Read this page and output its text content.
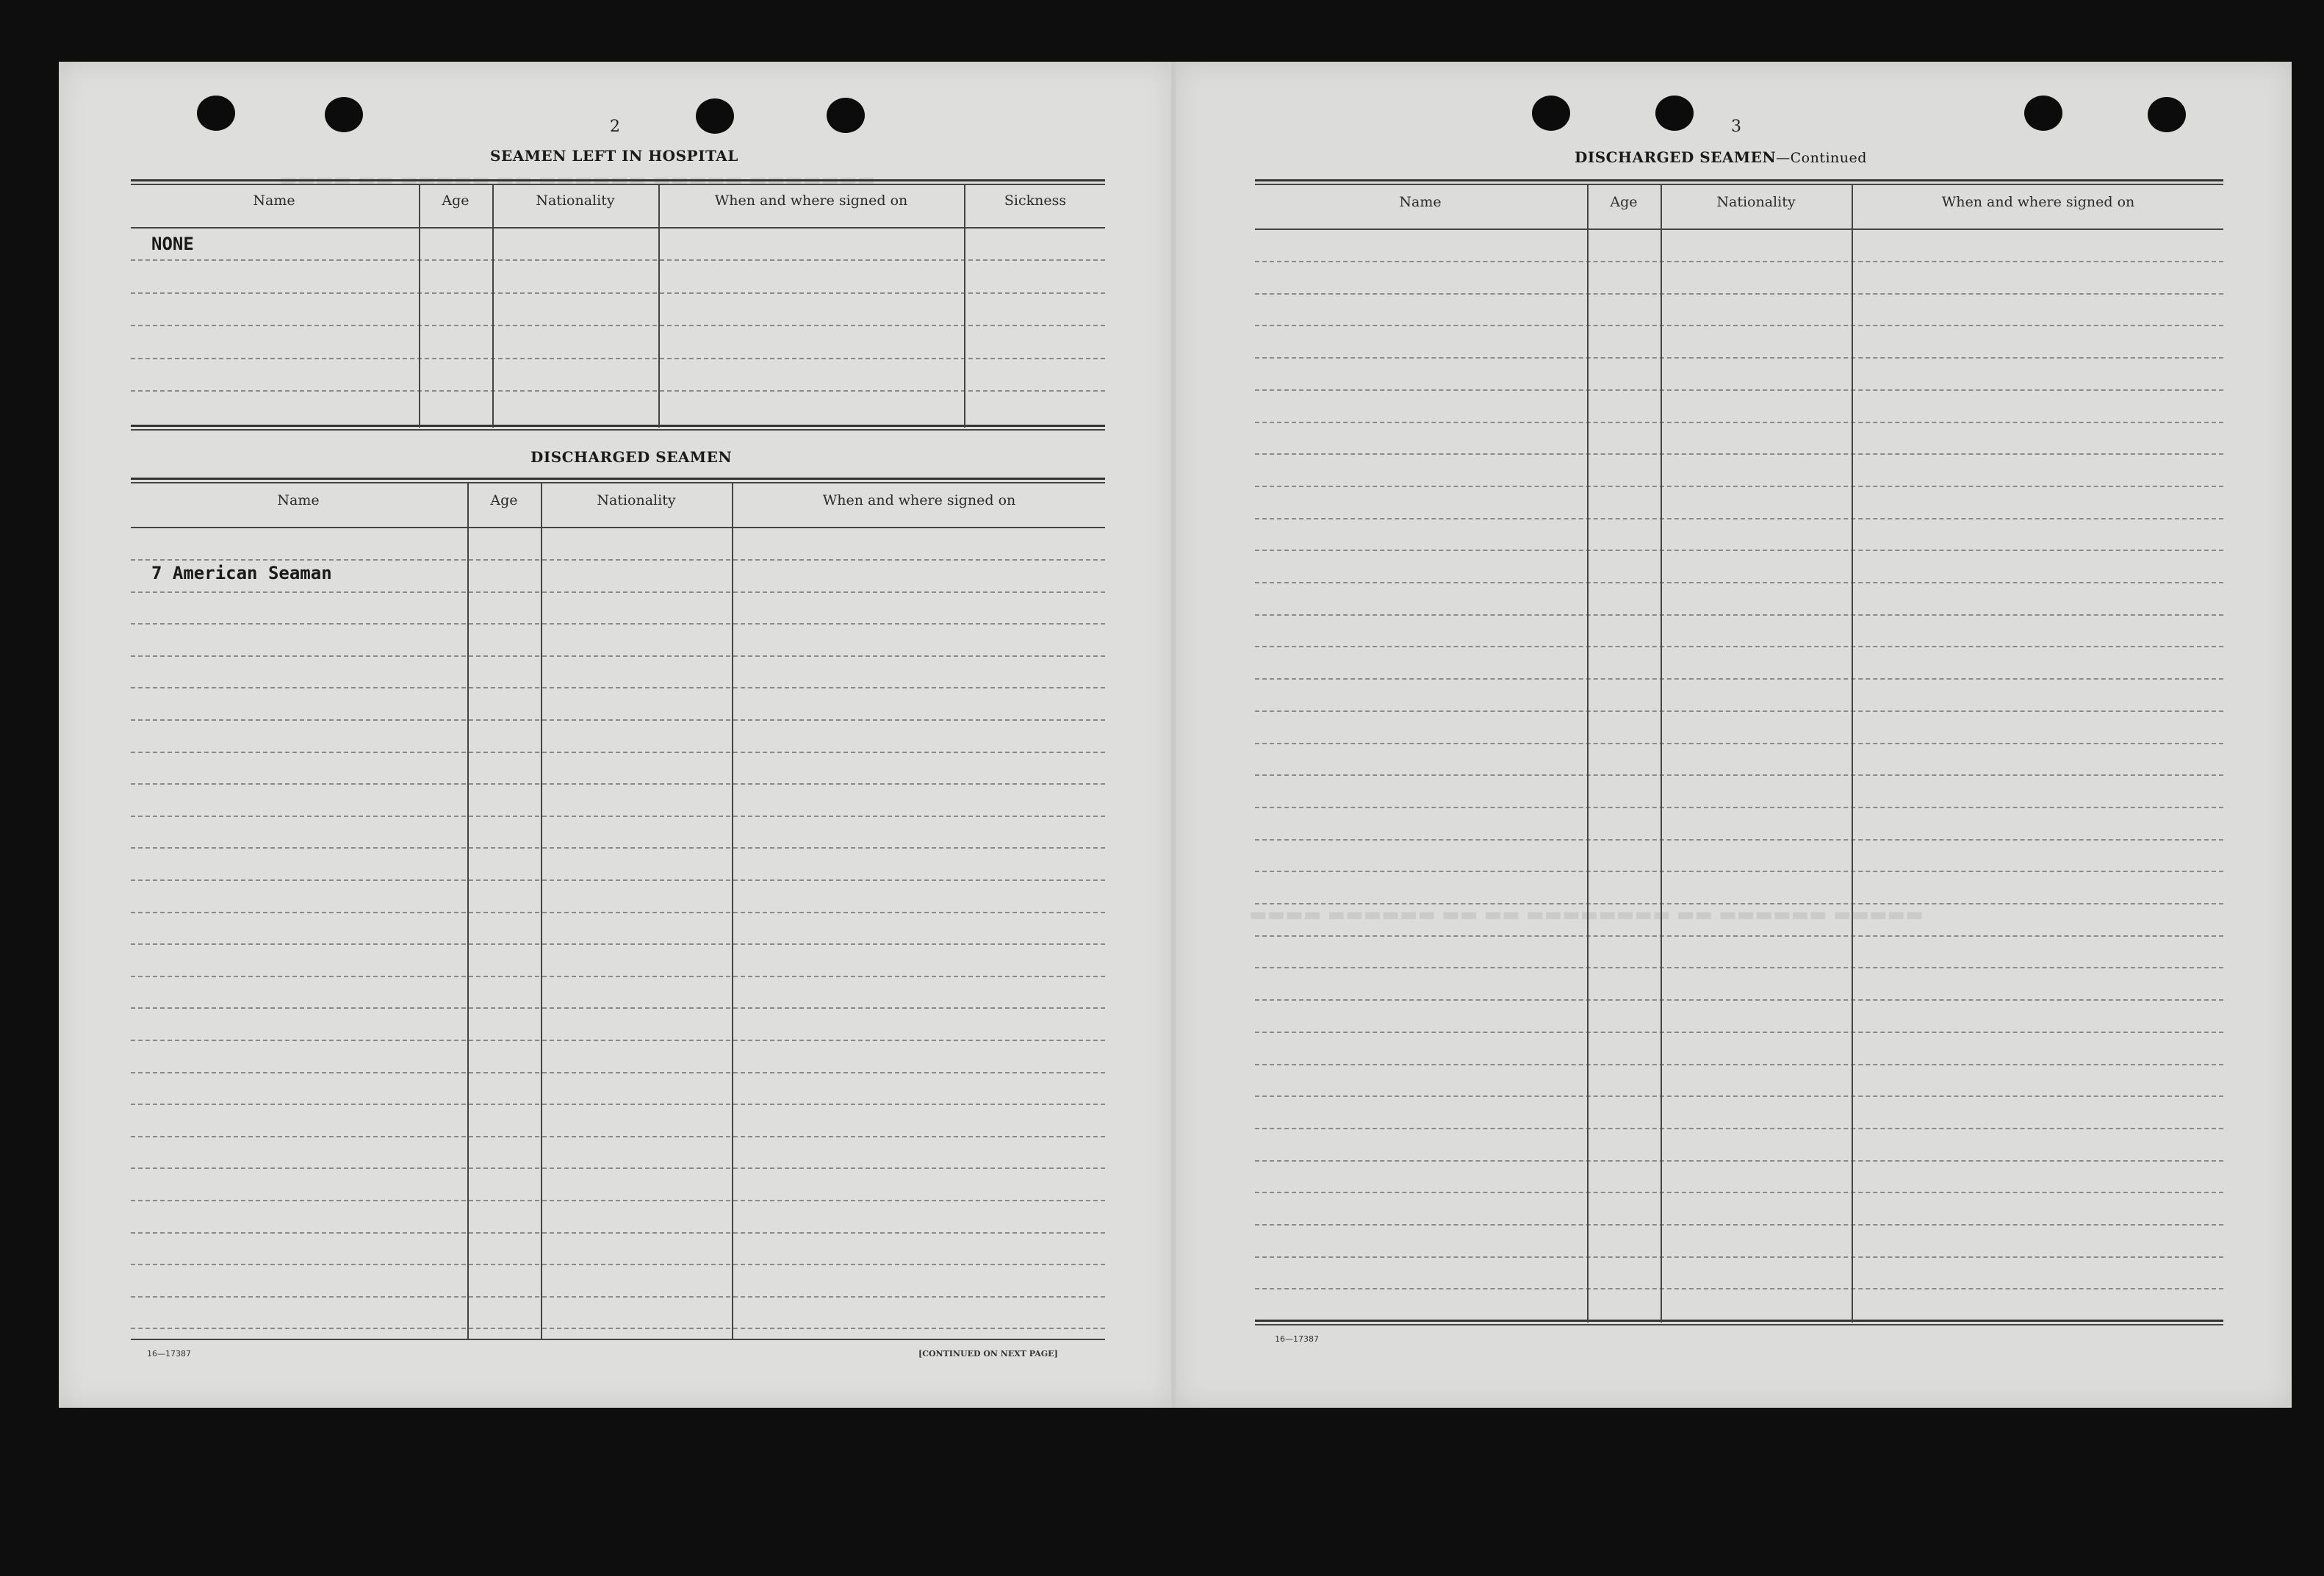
2
SEAMEN LEFT IN HOSPITAL
Name	Age	Nationality	When and where signed on	Sickness
NONE
DISCHARGED SEAMEN
Name	Age	Nationality	When and where signed on
7 American Seaman
16—17387	[CONTINUED ON NEXT PAGE]
3
DISCHARGED SEAMEN—Continued
Name	Age	Nationality	When and where signed on
16—17387
